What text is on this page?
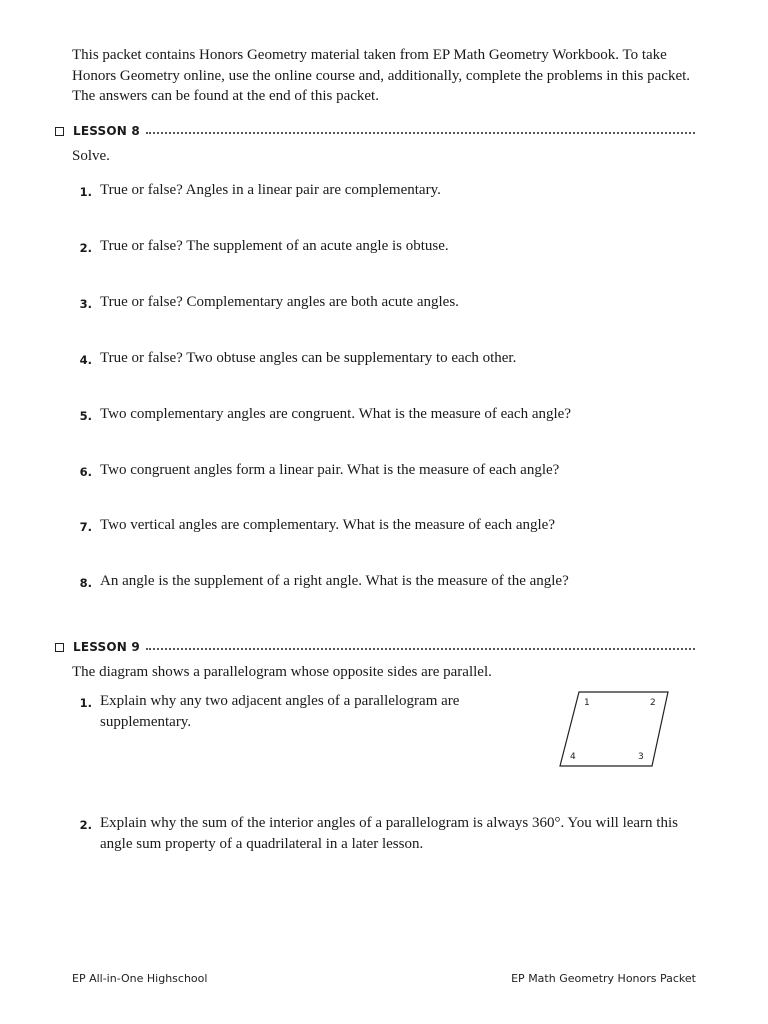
This packet contains Honors Geometry material taken from EP Math Geometry Workbook. To take Honors Geometry online, use the online course and, additionally, complete the problems in this packet. The answers can be found at the end of this packet.

LESSON 8

Solve.

1. True or false? Angles in a linear pair are complementary.

2. True or false? The supplement of an acute angle is obtuse.

3. True or false? Complementary angles are both acute angles.

4. True or false? Two obtuse angles can be supplementary to each other.

5. Two complementary angles are congruent. What is the measure of each angle?

6. Two congruent angles form a linear pair. What is the measure of each angle?

7. Two vertical angles are complementary. What is the measure of each angle?

8. An angle is the supplement of a right angle. What is the measure of the angle?

LESSON 9

The diagram shows a parallelogram whose opposite sides are parallel.

1. Explain why any two adjacent angles of a parallelogram are supplementary.

1	2
3
4
2. Explain why the sum of the interior angles of a parallelogram is always 360°. You will learn this angle sum property of a quadrilateral in a later lesson.

EP All-in-One Highschool	EP Math Geometry Honors Packet
